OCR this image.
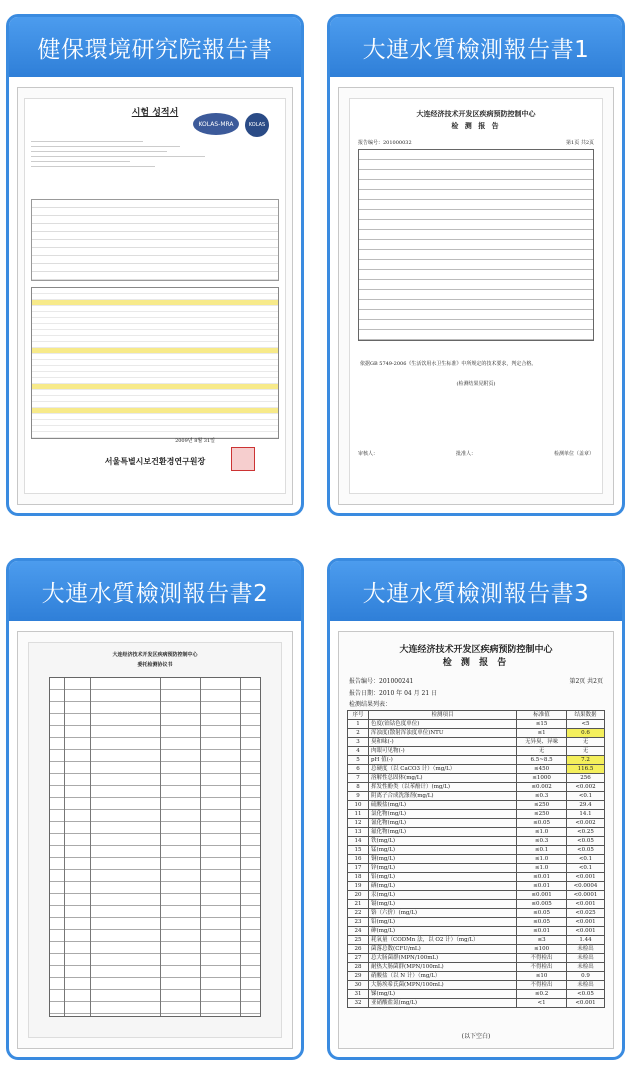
健保環境研究院報告書
시험 성적서
KOLAS-MRA	KOLAS
2009년 8월 31일
서울특별시보건환경연구원장
大連水質檢測報告書1
大连经济技术开发区疾病预防控制中心
检 测 报 告
报告编号：201000032	第1页 共2页
依据GB 5749-2006《生活饮用水卫生标准》中所规定的技术要求，判定合格。
(检测结果见附页)
审核人：	批准人：	检测单位（盖章）
大連水質檢測報告書2
大连经济技术开发区疾病预防控制中心
委托检测协议书
大連水質檢測報告書3
大连经济技术开发区疾病预防控制中心
检 测 报 告
报告编号：201000241	第2页 共2页
报告日期：2010 年 04 月 21 日
检测结果列表：
序号	检测项目	标准值	结果数据
1	色度(铂钴色度单位)	≤15	<5
2	浑浊度(散射浑浊度单位)NTU	≤1	0.6
3	臭和味(-)	无异臭、异味	无
4	肉眼可见物(-)	无	无
5	pH 值(-)	6.5~8.5	7.2
6	总硬度（以 CaCO3 计）（mg/L）	≤450	116.5
7	溶解性总固体(mg/L)	≤1000	256
8	挥发性酚类（以苯酚计）(mg/L)	≤0.002	<0.002
9	阴离子合成洗涤剂(mg/L)	≤0.3	<0.1
10	硫酸盐(mg/L)	≤250	29.4
11	氯化物(mg/L)	≤250	14.1
12	氰化物(mg/L)	≤0.05	<0.002
13	氟化物(mg/L)	≤1.0	<0.25
14	铁(mg/L)	≤0.3	<0.05
15	锰(mg/L)	≤0.1	<0.05
16	铜(mg/L)	≤1.0	<0.1
17	锌(mg/L)	≤1.0	<0.1
18	铝(mg/L)	≤0.01	<0.001
19	硒(mg/L)	≤0.01	<0.0004
20	汞(mg/L)	≤0.001	<0.0001
21	镉(mg/L)	≤0.005	<0.001
22	铬（六价）(mg/L)	≤0.05	<0.025
23	铅(mg/L)	≤0.05	<0.001
24	砷(mg/L)	≤0.01	<0.001
25	耗氧量（CODMn 法，以 O2 计）（mg/L）	≤3	1.44
26	菌落总数(CFU/mL)	≤100	未检出
27	总大肠菌群(MPN/100mL)	不得检出	未检出
28	耐热大肠菌群(MPN/100mL)	不得检出	未检出
29	硝酸盐（以 N 计）（mg/L）	≤10	0.9
30	大肠埃希氏菌(MPN/100mL)	不得检出	未检出
31	锑(mg/L)	≤0.2	<0.05
32	亚硝酸盐氮(mg/L)	<1	<0.001
(以下空白)
